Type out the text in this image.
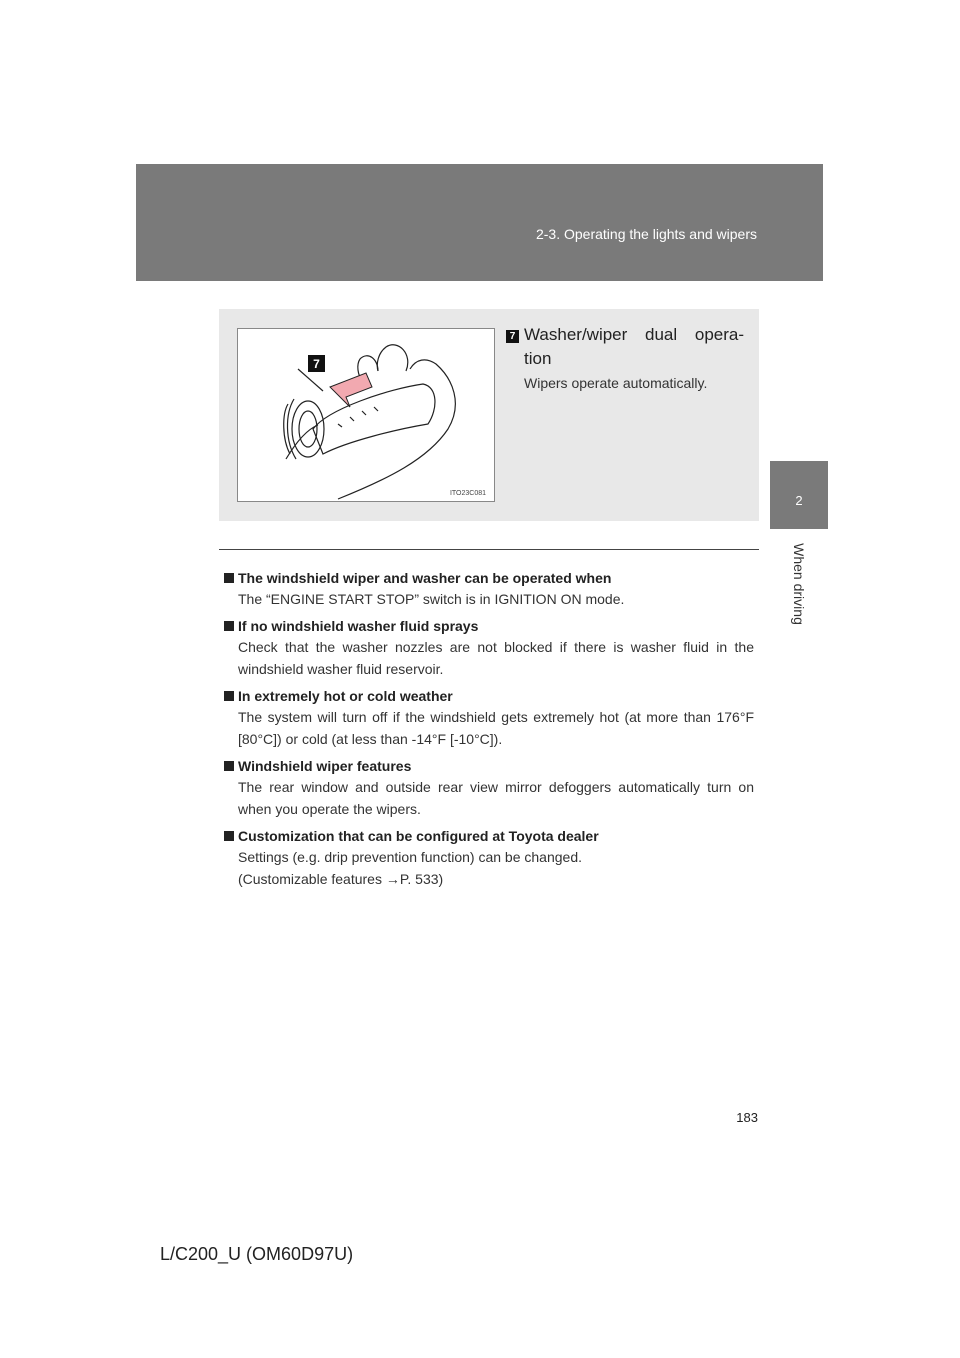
2-3. Operating the lights and wipers
2
When driving
7
ITO23C081
7 Washer/wiper dual opera-tion
Wipers operate automatically.
The windshield wiper and washer can be operated when
The “ENGINE START STOP” switch is in IGNITION ON mode.
If no windshield washer fluid sprays
Check that the washer nozzles are not blocked if there is washer fluid in the windshield washer fluid reservoir.
In extremely hot or cold weather
The system will turn off if the windshield gets extremely hot (at more than 176°F [80°C]) or cold (at less than -14°F [-10°C]).
Windshield wiper features
The rear window and outside rear view mirror defoggers automatically turn on when you operate the wipers.
Customization that can be configured at Toyota dealer
Settings (e.g. drip prevention function) can be changed.
(Customizable features →P. 533)
183
L/C200_U (OM60D97U)
